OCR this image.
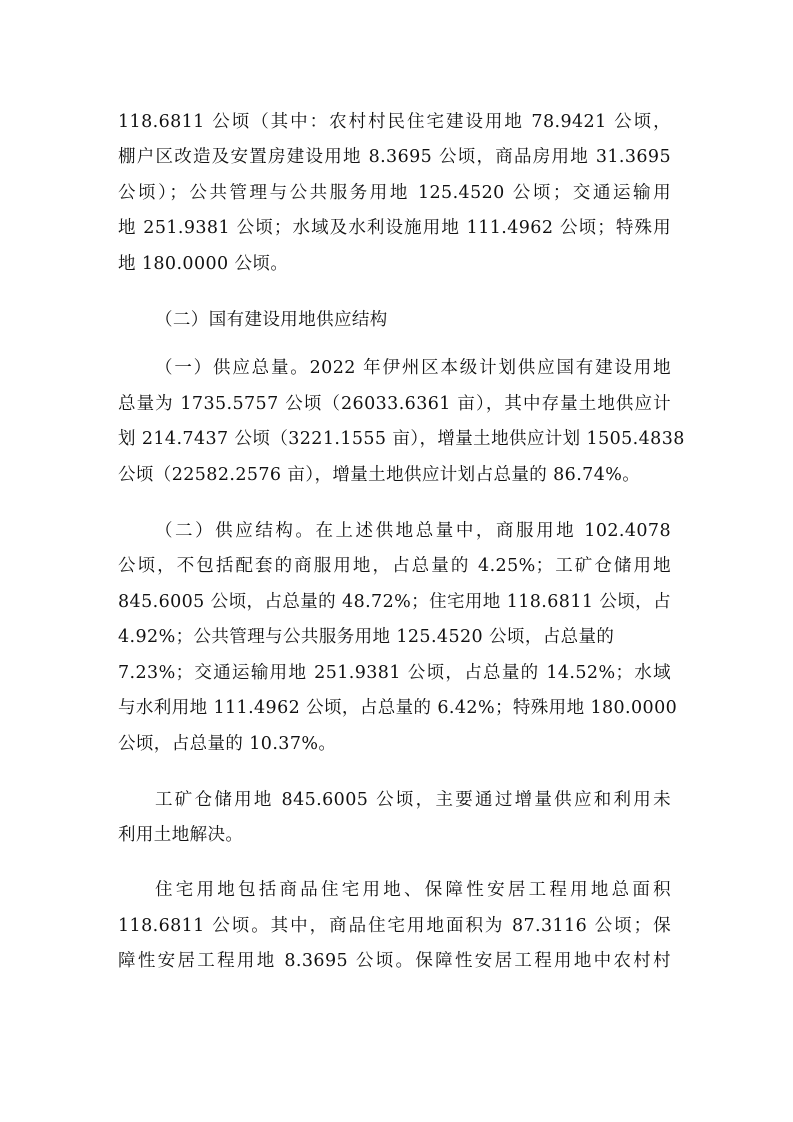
118.6811 公顷（其中：农村村民住宅建设用地 78.9421 公顷，
棚户区改造及安置房建设用地 8.3695 公顷，商品房用地 31.3695
公顷）；公共管理与公共服务用地 125.4520 公顷；交通运输用
地 251.9381 公顷；水域及水利设施用地 111.4962 公顷；特殊用
地 180.0000 公顷。
（二）国有建设用地供应结构
（一）供应总量。2022 年伊州区本级计划供应国有建设用地
总量为 1735.5757 公顷（26033.6361 亩），其中存量土地供应计
划 214.7437 公顷（3221.1555 亩），增量土地供应计划 1505.4838
公顷（22582.2576 亩），增量土地供应计划占总量的 86.74%。
（二）供应结构。在上述供地总量中，商服用地 102.4078
公顷，不包括配套的商服用地，占总量的 4.25%；工矿仓储用地
845.6005 公顷，占总量的 48.72%；住宅用地 118.6811 公顷，占
4.92%；公共管理与公共服务用地 125.4520 公顷，占总量的
7.23%；交通运输用地 251.9381 公顷，占总量的 14.52%；水域
与水利用地 111.4962 公顷，占总量的 6.42%；特殊用地 180.0000
公顷，占总量的 10.37%。
工矿仓储用地 845.6005 公顷，主要通过增量供应和利用未
利用土地解决。
住宅用地包括商品住宅用地、保障性安居工程用地总面积
118.6811 公顷。其中，商品住宅用地面积为 87.3116 公顷；保
障性安居工程用地 8.3695 公顷。保障性安居工程用地中农村村
